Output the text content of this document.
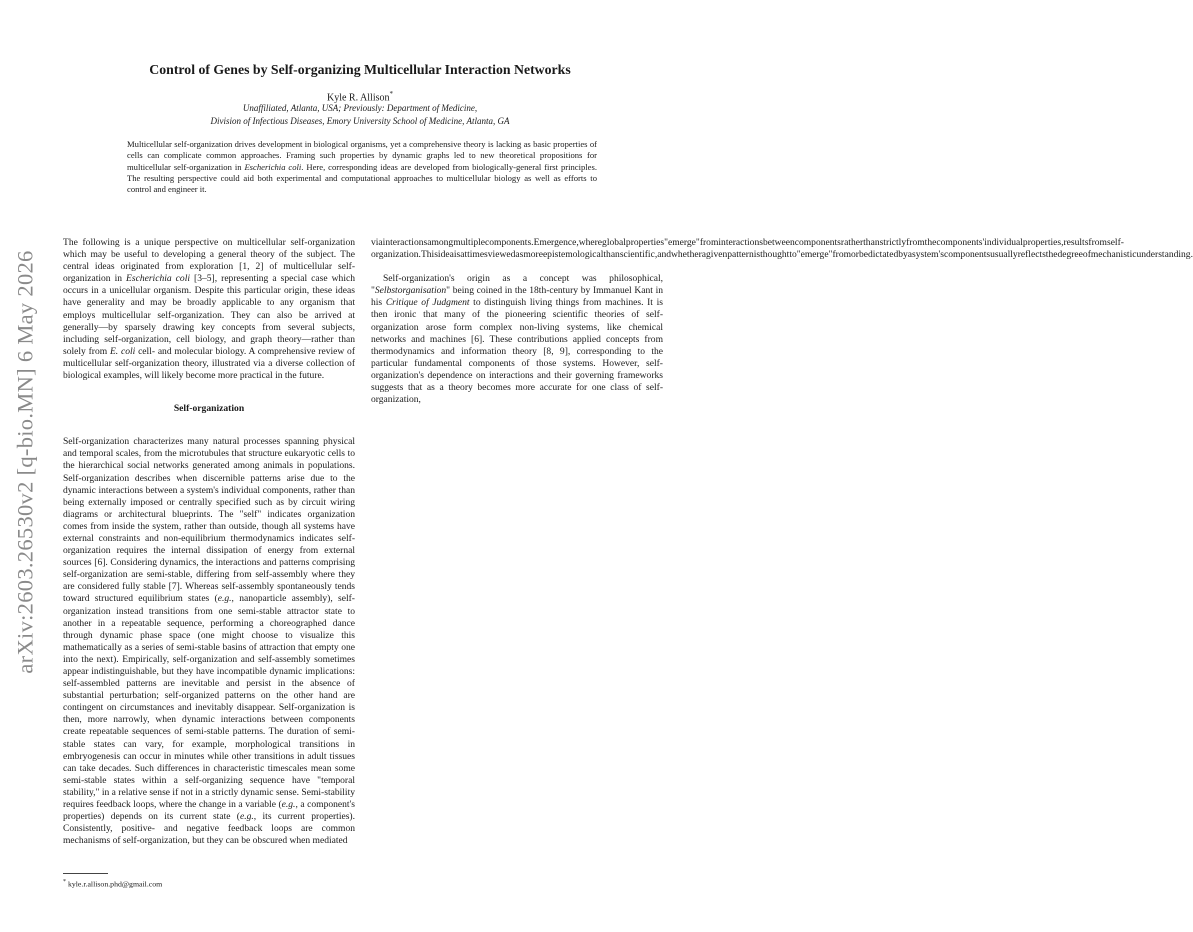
arXiv:2603.26530v2 [q-bio.MN] 6 May 2026
Control of Genes by Self-organizing Multicellular Interaction Networks
Kyle R. Allison*
Unaffiliated, Atlanta, USA; Previously: Department of Medicine,
Division of Infectious Diseases, Emory University School of Medicine, Atlanta, GA
Multicellular self-organization drives development in biological organisms, yet a comprehensive theory is lacking as basic properties of cells can complicate common approaches. Framing such properties by dynamic graphs led to new theoretical propositions for multicellular self-organization in Escherichia coli. Here, corresponding ideas are developed from biologically-general first principles. The resulting perspective could aid both experimental and computational approaches to multicellular biology as well as efforts to control and engineer it.

The following is a unique perspective on multicellular self-organization which may be useful to developing a general theory of the subject. The central ideas originated from exploration [1, 2] of multicellular self-organization in Escherichia coli [3–5], representing a special case which occurs in a unicellular organism. Despite this particular origin, these ideas have generality and may be broadly applicable to any organism that employs multicellular self-organization. They can also be arrived at generally—by sparsely drawing key concepts from several subjects, including self-organization, cell biology, and graph theory—rather than solely from E. coli cell- and molecular biology. A comprehensive review of multicellular self-organization theory, illustrated via a diverse collection of biological examples, will likely become more practical in the future.

Self-organization

Self-organization characterizes many natural processes spanning physical and temporal scales, from the microtubules that structure eukaryotic cells to the hierarchical social networks generated among animals in populations. Self-organization describes when discernible patterns arise due to the dynamic interactions between a system's individual components, rather than being externally imposed or centrally specified such as by circuit wiring diagrams or architectural blueprints. The "self" indicates organization comes from inside the system, rather than outside, though all systems have external constraints and non-equilibrium thermodynamics indicates self-organization requires the internal dissipation of energy from external sources [6]. Considering dynamics, the interactions and patterns comprising self-organization are semi-stable, differing from self-assembly where they are considered fully stable [7]. Whereas self-assembly spontaneously tends toward structured equilibrium states (e.g., nanoparticle assembly), self-organization instead transitions from one semi-stable attractor state to another in a repeatable sequence, performing a choreographed dance through dynamic phase space (one might choose to visualize this mathematically as a series of semi-stable basins of attraction that empty one into the next). Empirically, self-organization and self-assembly sometimes appear indistinguishable, but they have incompatible dynamic implications: self-assembled patterns are inevitable and persist in the absence of substantial perturbation; self-organized patterns on the other hand are contingent on circumstances and inevitably disappear. Self-organization is then, more narrowly, when dynamic interactions between components create repeatable sequences of semi-stable patterns. The duration of semi-stable states can vary, for example, morphological transitions in embryogenesis can occur in minutes while other transitions in adult tissues can take decades. Such differences in characteristic timescales mean some semi-stable states within a self-organizing sequence have "temporal stability," in a relative sense if not in a strictly dynamic sense. Semi-stability requires feedback loops, where the change in a variable (e.g., a component's properties) depends on its current state (e.g., its current properties). Consistently, positive- and negative feedback loops are common mechanisms of self-organization, but they can be obscured when mediated

viainteractionsamongmultiplecomponents.Emergence,whereglobalproperties"emerge"frominteractionsbetweencomponentsratherthanstrictlyfromthecomponents'individualproperties,resultsfromself-organization.Thisideaisattimesviewedasmoreepistemologicalthanscientific,andwhetheragivenpatternisthoughtto"emerge"fromorbedictatedbyasystem'scomponentsusuallyreflectsthedegreeofmechanisticunderstanding.

Self-organization's origin as a concept was philosophical, "Selbstorganisation" being coined in the 18th-century by Immanuel Kant in his Critique of Judgment to distinguish living things from machines. It is then ironic that many of the pioneering scientific theories of self-organization arose form complex non-living systems, like chemical networks and machines [6]. These contributions applied concepts from thermodynamics and information theory [8, 9], corresponding to the particular fundamental components of those systems. However, self-organization's dependence on interactions and their governing frameworks suggests that as a theory becomes more accurate for one class of self-organization,

* kyle.r.allison.phd@gmail.com
